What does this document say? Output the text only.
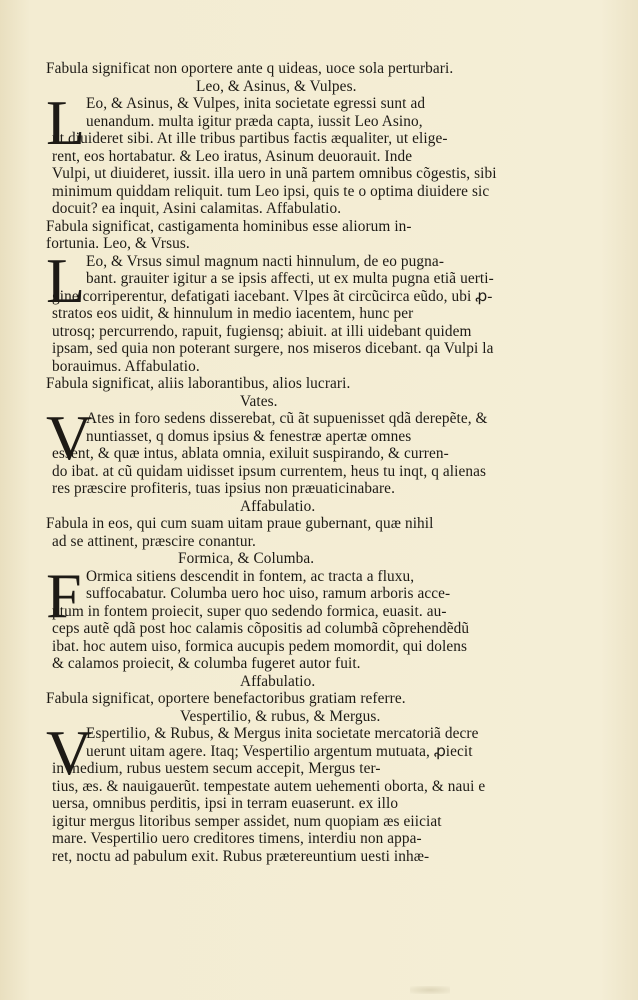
Fabula significat non oportere ante q uideas, uoce sola perturbari.
Leo, & Asinus, & Vulpes.
L Eo, & Asinus, & Vulpes, inita societate egressi sunt ad
uenandum. multa igitur præda capta, iussit Leo Asino,
ut diuideret sibi. At ille tribus partibus factis æqualiter, ut elige-
rent, eos hortabatur. & Leo iratus, Asinum deuorauit. Inde
Vulpi, ut diuideret, iussit. illa uero in unã partem omnibus cõgestis, sibi
minimum quiddam reliquit. tum Leo ipsi, quis te o optima diuidere sic
docuit? ea inquit, Asini calamitas. Affabulatio.
Fabula significat, castigamenta hominibus esse aliorum in-
fortunia. Leo, & Vrsus.
L Eo, & Vrsus simul magnum nacti hinnulum, de eo pugna-
bant. grauiter igitur a se ipsis affecti, ut ex multa pugna etiã uerti-
gine corriperentur, defatigati iacebant. Vlpes ãt circũcirca eũdo, ubi ꝓ-
stratos eos uidit, & hinnulum in medio iacentem, hunc per
utrosq; percurrendo, rapuit, fugiensq; abiuit. at illi uidebant quidem
ipsam, sed quia non poterant surgere, nos miseros dicebant. qa Vulpi la
borauimus. Affabulatio.
Fabula significat, aliis laborantibus, alios lucrari.
Vates.
V
Ates in foro sedens disserebat, cũ ãt supuenisset qdã derepẽte, &
nuntiasset, q domus ipsius & fenestræ apertæ omnes
essent, & quæ intus, ablata omnia, exiluit suspirando, & curren-
do ibat. at cũ quidam uidisset ipsum currentem, heus tu inqt, q alienas
res præscire profiteris, tuas ipsius non præuaticinabare.
Affabulatio.
Fabula in eos, qui cum suam uitam praue gubernant, quæ nihil
ad se attinent, præscire conantur.
Formica, & Columba.
F Ormica sitiens descendit in fontem, ac tracta a fluxu,
suffocabatur. Columba uero hoc uiso, ramum arboris acce-
ptum in fontem proiecit, super quo sedendo formica, euasit. au-
ceps autẽ qdã post hoc calamis cõpositis ad columbã cõprehendẽdũ
ibat. hoc autem uiso, formica aucupis pedem momordit, qui dolens
& calamos proiecit, & columba fugeret autor fuit.
Affabulatio.
Fabula significat, oportere benefactoribus gratiam referre.
Vespertilio, & rubus, & Mergus.
V
Espertilio, & Rubus, & Mergus inita societate mercatoriã decre
uerunt uitam agere. Itaq; Vespertilio argentum mutuata, ꝓiecit
in medium, rubus uestem secum accepit, Mergus ter-
tius, æs. & nauigauerũt. tempestate autem uehementi oborta, & naui e
uersa, omnibus perditis, ipsi in terram euaserunt. ex illo
igitur mergus litoribus semper assidet, num quopiam æs eiiciat
mare. Vespertilio uero creditores timens, interdiu non appa-
ret, noctu ad pabulum exit. Rubus prætereuntium uesti inhæ-
